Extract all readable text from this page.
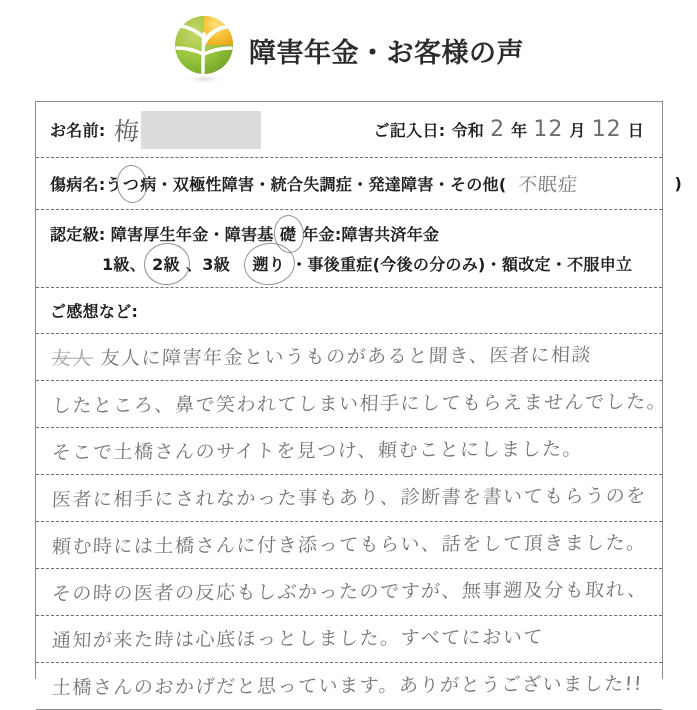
障害年金・お客様の声
お名前: 梅	ご記入日: 令和 2 年 12 月 12 日
傷病名: う つ 病 ・双極性障害・統合失調症・発達障害・その他( 不眠症	)
認定級: 障害厚生年金・障害基 礎 年金:障害共済年金
1級、 2級 、3級　 遡り ・事後重症(今後の分のみ)・額改定・不服申立
ご感想など:
友人 友人に障害年金というものがあると聞き、医者に相談
したところ、鼻で笑われてしまい相手にしてもらえませんでした。
そこで土橋さんのサイトを見つけ、頼むことにしました。
医者に相手にされなかった事もあり、診断書を書いてもらうのを
頼む時には土橋さんに付き添ってもらい、話をして頂きました。
その時の医者の反応もしぶかったのですが、無事遡及分も取れ、
通知が来た時は心底ほっとしました。すべてにおいて
土橋さんのおかげだと思っています。ありがとうございました!!
